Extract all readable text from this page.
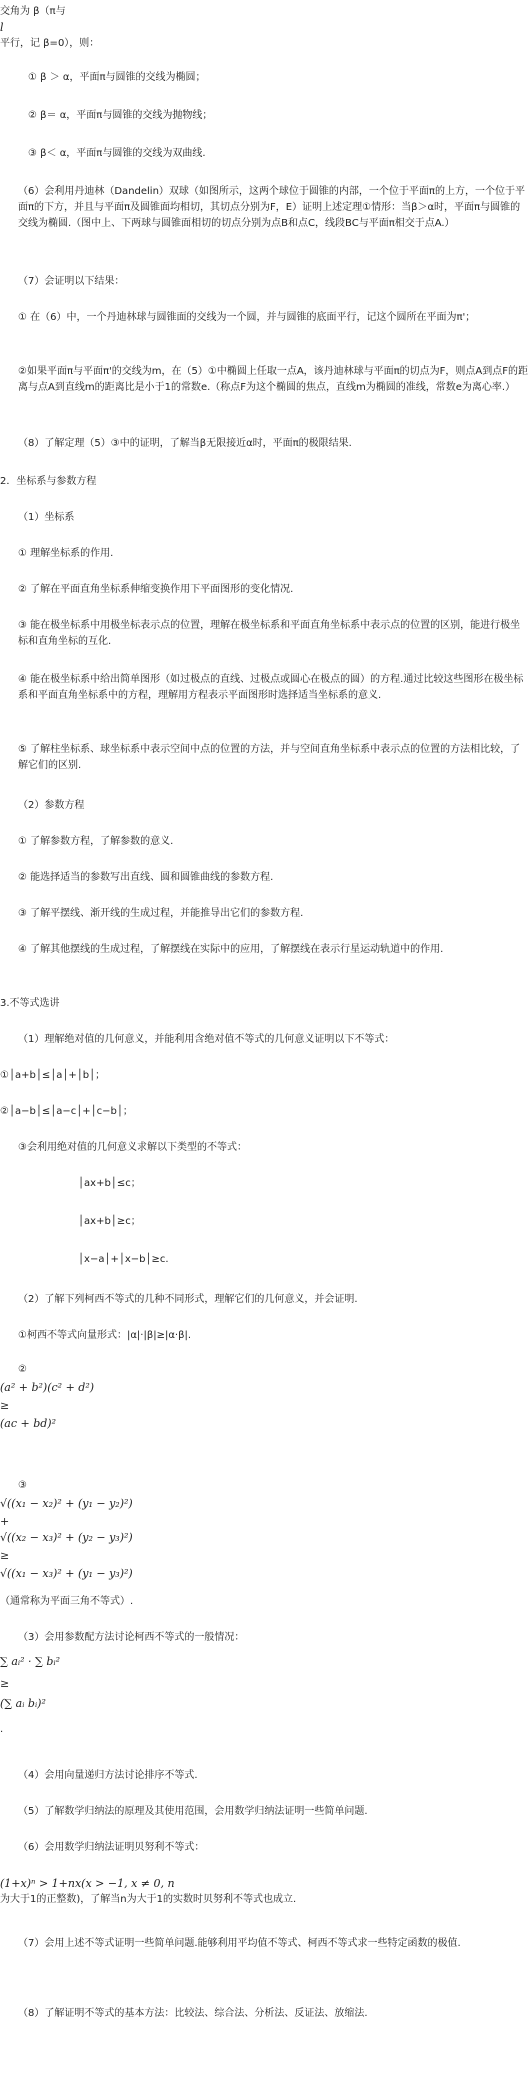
交角为 β（π与
l
平行，记 β=0），则：
① β ＞ α，平面π与圆锥的交线为椭圆；
② β＝ α，平面π与圆锥的交线为抛物线；
③ β＜ α，平面π与圆锥的交线为双曲线.
（6）会利用丹迪林（Dandelin）双球（如图所示，这两个球位于圆锥的内部，一个位于平面π的上方，一个位于平面π的下方，并且与平面π及圆锥面均相切，其切点分别为F，E）证明上述定理①情形：当β＞α时，平面π与圆锥的交线为椭圆.（图中上、下两球与圆锥面相切的切点分别为点B和点C，线段BC与平面π相交于点A.）
（7）会证明以下结果：
① 在（6）中，一个丹迪林球与圆锥面的交线为一个圆，并与圆锥的底面平行，记这个圆所在平面为π'；
②如果平面π与平面π'的交线为m，在（5）①中椭圆上任取一点A，该丹迪林球与平面π的切点为F，则点A到点F的距离与点A到直线m的距离比是小于1的常数e.（称点F为这个椭圆的焦点，直线m为椭圆的准线，常数e为离心率.）
（8）了解定理（5）③中的证明，了解当β无限接近α时，平面π的极限结果.
2．坐标系与参数方程
（1）坐标系
① 理解坐标系的作用.
② 了解在平面直角坐标系伸缩变换作用下平面图形的变化情况.
③ 能在极坐标系中用极坐标表示点的位置，理解在极坐标系和平面直角坐标系中表示点的位置的区别，能进行极坐标和直角坐标的互化.
④ 能在极坐标系中给出简单图形（如过极点的直线、过极点或圆心在极点的圆）的方程.通过比较这些图形在极坐标系和平面直角坐标系中的方程，理解用方程表示平面图形时选择适当坐标系的意义.
⑤ 了解柱坐标系、球坐标系中表示空间中点的位置的方法，并与空间直角坐标系中表示点的位置的方法相比较，了解它们的区别.
（2）参数方程
① 了解参数方程，了解参数的意义.
② 能选择适当的参数写出直线、圆和圆锥曲线的参数方程.
③ 了解平摆线、渐开线的生成过程，并能推导出它们的参数方程.
④ 了解其他摆线的生成过程，了解摆线在实际中的应用，了解摆线在表示行星运动轨道中的作用.
3.不等式选讲
（1）理解绝对值的几何意义，并能利用含绝对值不等式的几何意义证明以下不等式：
①│a+b│≤│a│+│b│；
②│a−b│≤│a−c│+│c−b│；
③会利用绝对值的几何意义求解以下类型的不等式：
│ax+b│≤c；
│ax+b│≥c；
│x−a│+│x−b│≥c.
（2）了解下列柯西不等式的几种不同形式，理解它们的几何意义，并会证明.
①柯西不等式向量形式：|α|·|β|≥|α·β|.
②
(a² + b²)(c² + d²)
≥
(ac + bd)²
③
√((x₁ − x₂)² + (y₁ − y₂)²)
+
√((x₂ − x₃)² + (y₂ − y₃)²)
≥
√((x₁ − x₃)² + (y₁ − y₃)²)
（通常称为平面三角不等式）.
（3）会用参数配方法讨论柯西不等式的一般情况：
∑ aᵢ² · ∑ bᵢ²
≥
(∑ aᵢ bᵢ)²
.
（4）会用向量递归方法讨论排序不等式.
（5）了解数学归纳法的原理及其使用范围，会用数学归纳法证明一些简单问题.
（6）会用数学归纳法证明贝努利不等式：
(1+x)ⁿ > 1+nx(x > −1, x ≠ 0, n
为大于1的正整数)，了解当n为大于1的实数时贝努利不等式也成立.
（7）会用上述不等式证明一些简单问题.能够利用平均值不等式、柯西不等式求一些特定函数的极值.
（8）了解证明不等式的基本方法：比较法、综合法、分析法、反证法、放缩法.
